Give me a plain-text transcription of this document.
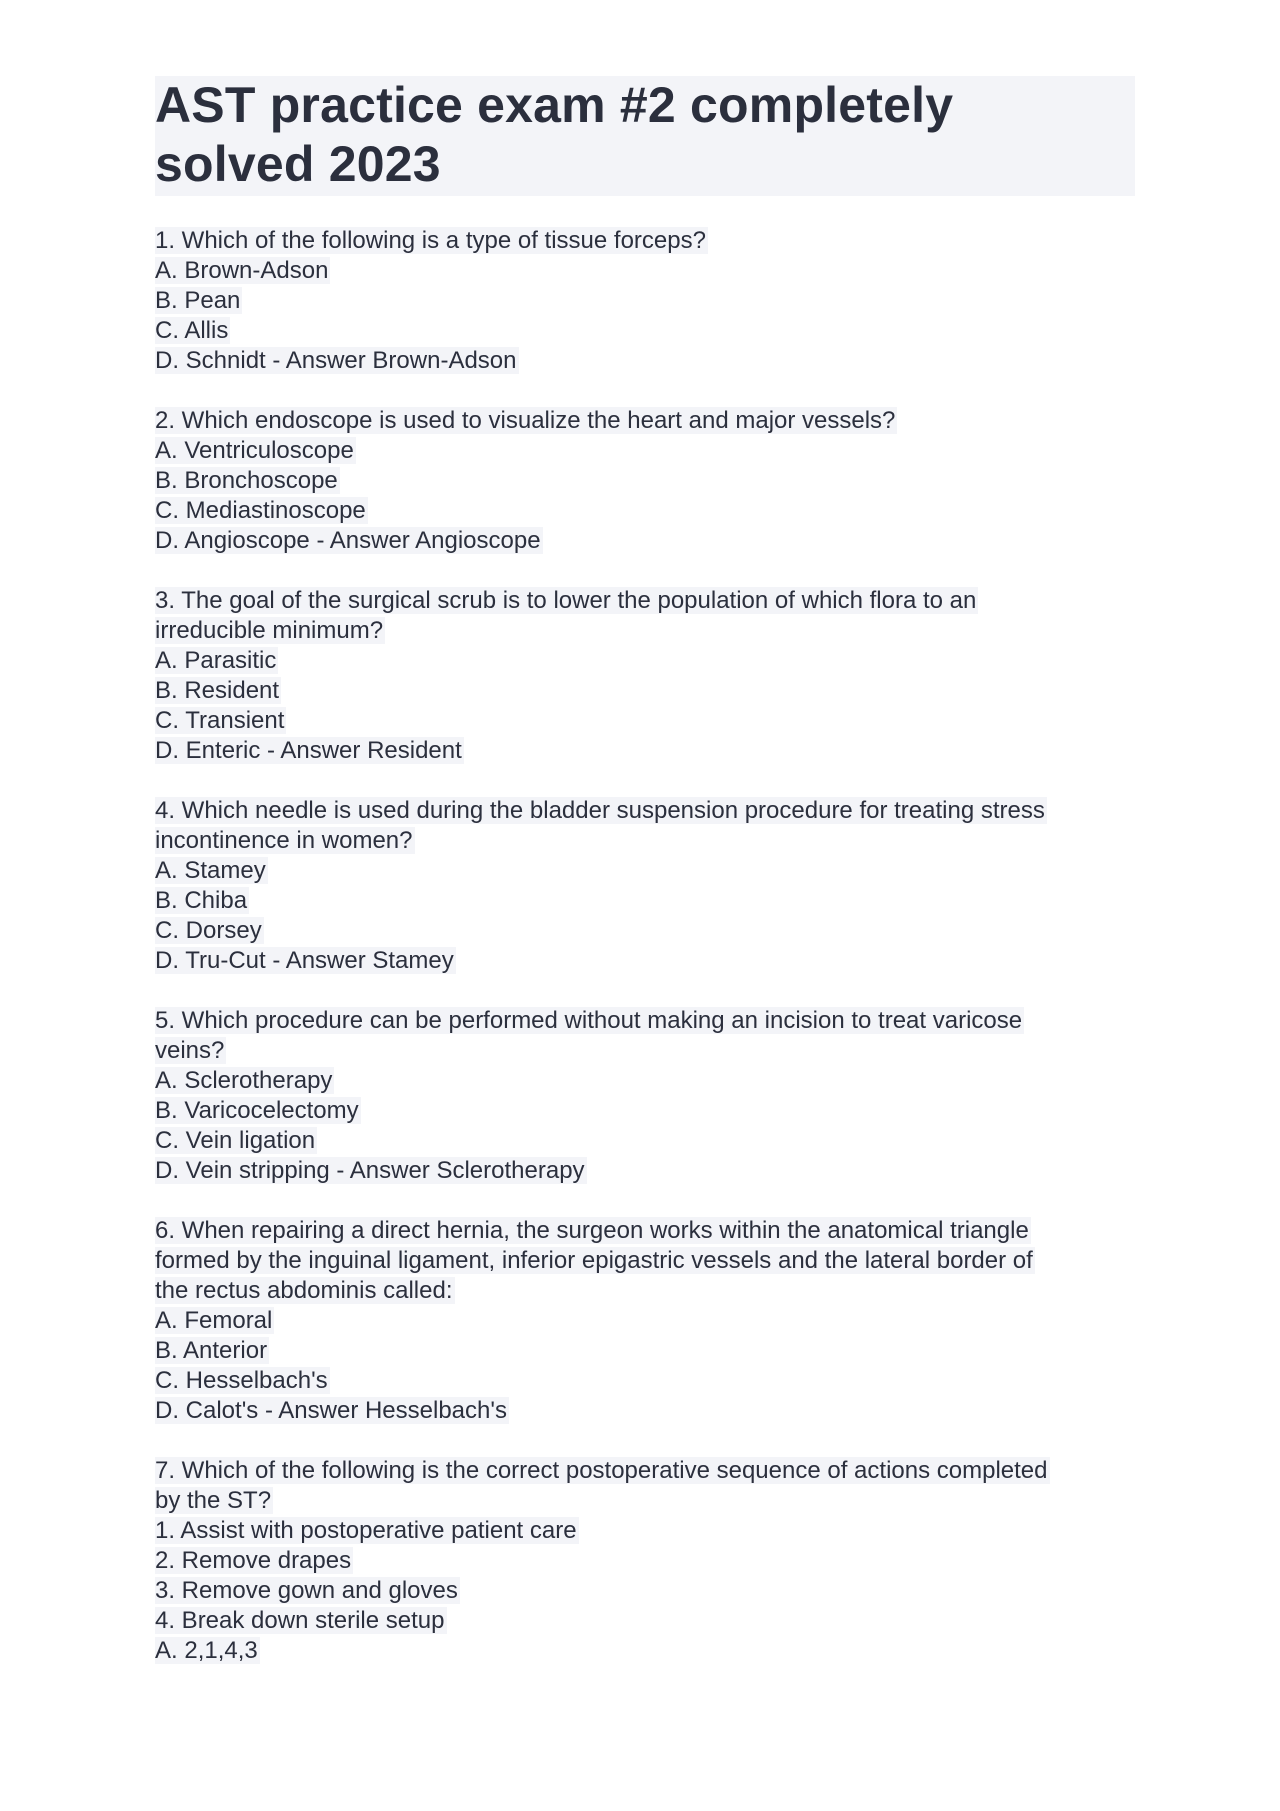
AST practice exam #2 completely
solved 2023
1. Which of the following is a type of tissue forceps?
A. Brown-Adson
B. Pean
C. Allis
D. Schnidt - Answer Brown-Adson
2. Which endoscope is used to visualize the heart and major vessels?
A. Ventriculoscope
B. Bronchoscope
C. Mediastinoscope
D. Angioscope - Answer Angioscope
3. The goal of the surgical scrub is to lower the population of which flora to an
irreducible minimum?
A. Parasitic
B. Resident
C. Transient
D. Enteric - Answer Resident
4. Which needle is used during the bladder suspension procedure for treating stress
incontinence in women?
A. Stamey
B. Chiba
C. Dorsey
D. Tru-Cut - Answer Stamey
5. Which procedure can be performed without making an incision to treat varicose
veins?
A. Sclerotherapy
B. Varicocelectomy
C. Vein ligation
D. Vein stripping - Answer Sclerotherapy
6. When repairing a direct hernia, the surgeon works within the anatomical triangle
formed by the inguinal ligament, inferior epigastric vessels and the lateral border of
the rectus abdominis called:
A. Femoral
B. Anterior
C. Hesselbach's
D. Calot's - Answer Hesselbach's
7. Which of the following is the correct postoperative sequence of actions completed
by the ST?
1. Assist with postoperative patient care
2. Remove drapes
3. Remove gown and gloves
4. Break down sterile setup
A. 2,1,4,3
